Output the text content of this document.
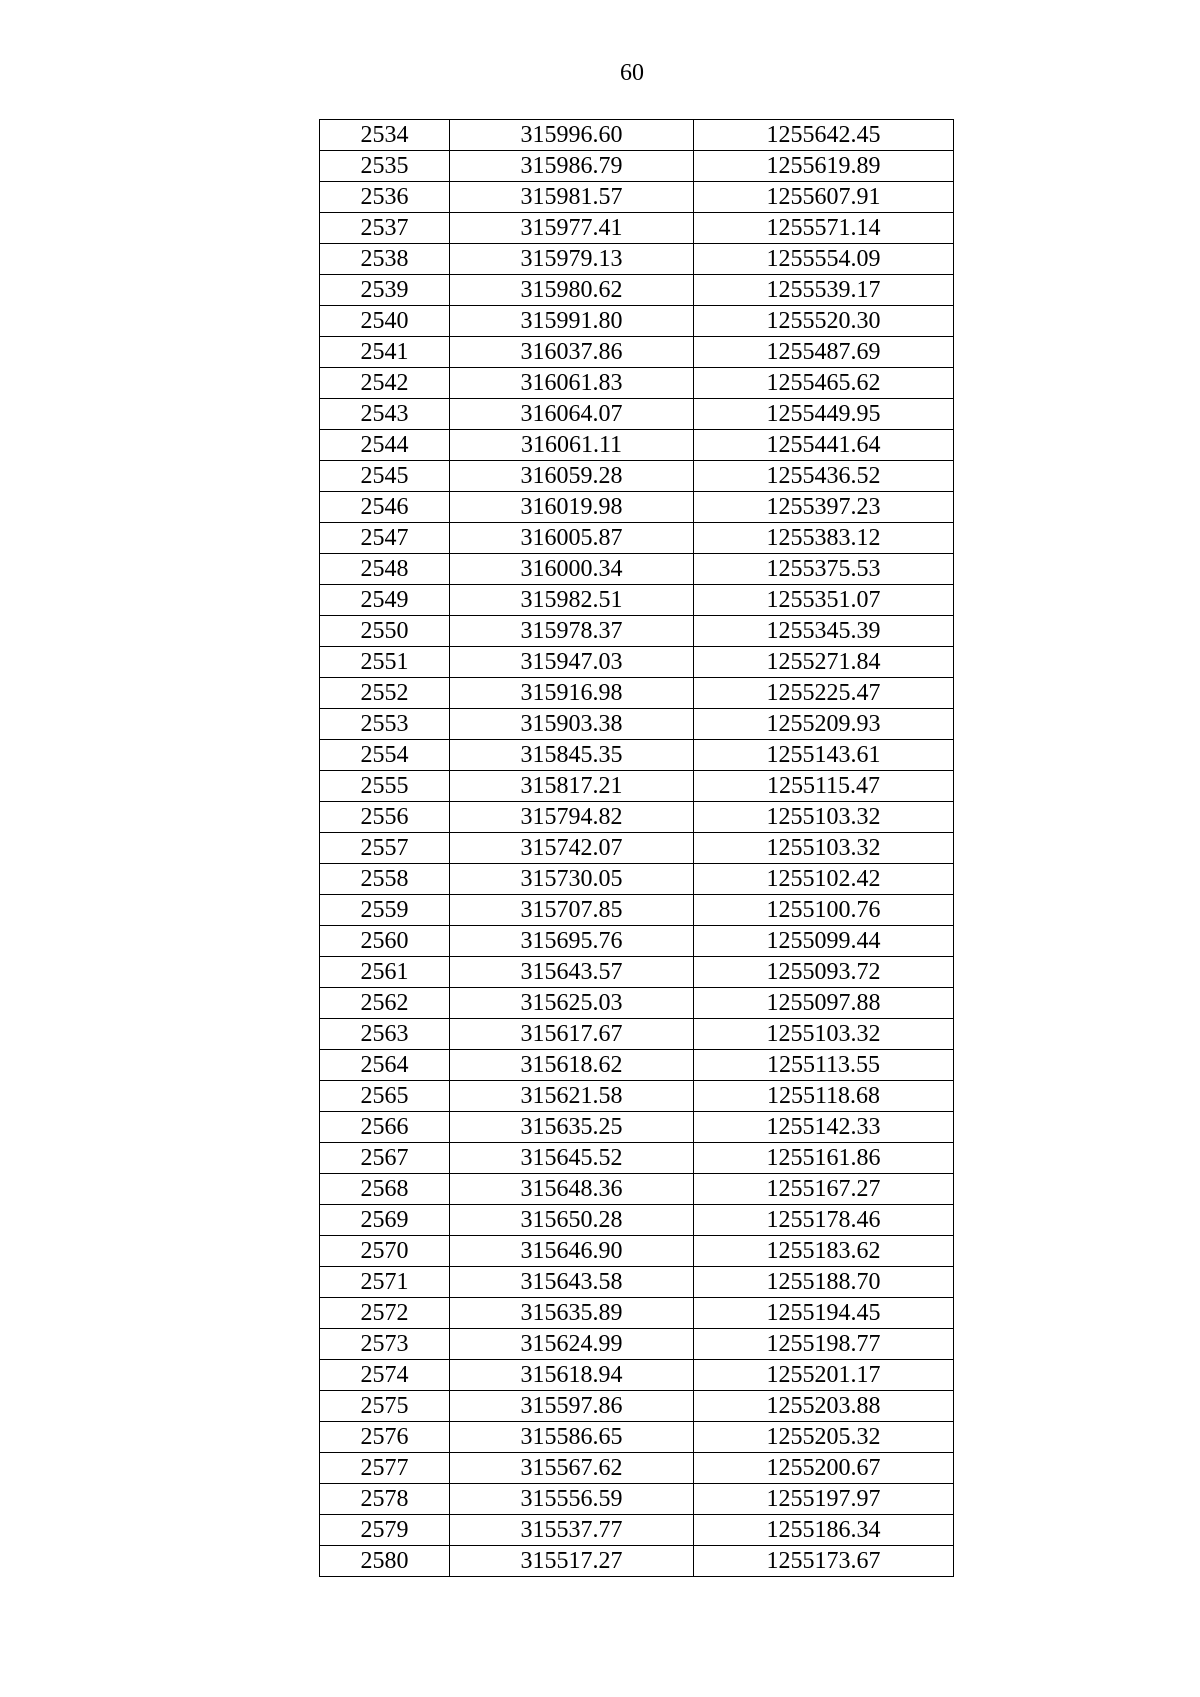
60
2534	315996.60	1255642.45
2535	315986.79	1255619.89
2536	315981.57	1255607.91
2537	315977.41	1255571.14
2538	315979.13	1255554.09
2539	315980.62	1255539.17
2540	315991.80	1255520.30
2541	316037.86	1255487.69
2542	316061.83	1255465.62
2543	316064.07	1255449.95
2544	316061.11	1255441.64
2545	316059.28	1255436.52
2546	316019.98	1255397.23
2547	316005.87	1255383.12
2548	316000.34	1255375.53
2549	315982.51	1255351.07
2550	315978.37	1255345.39
2551	315947.03	1255271.84
2552	315916.98	1255225.47
2553	315903.38	1255209.93
2554	315845.35	1255143.61
2555	315817.21	1255115.47
2556	315794.82	1255103.32
2557	315742.07	1255103.32
2558	315730.05	1255102.42
2559	315707.85	1255100.76
2560	315695.76	1255099.44
2561	315643.57	1255093.72
2562	315625.03	1255097.88
2563	315617.67	1255103.32
2564	315618.62	1255113.55
2565	315621.58	1255118.68
2566	315635.25	1255142.33
2567	315645.52	1255161.86
2568	315648.36	1255167.27
2569	315650.28	1255178.46
2570	315646.90	1255183.62
2571	315643.58	1255188.70
2572	315635.89	1255194.45
2573	315624.99	1255198.77
2574	315618.94	1255201.17
2575	315597.86	1255203.88
2576	315586.65	1255205.32
2577	315567.62	1255200.67
2578	315556.59	1255197.97
2579	315537.77	1255186.34
2580	315517.27	1255173.67
